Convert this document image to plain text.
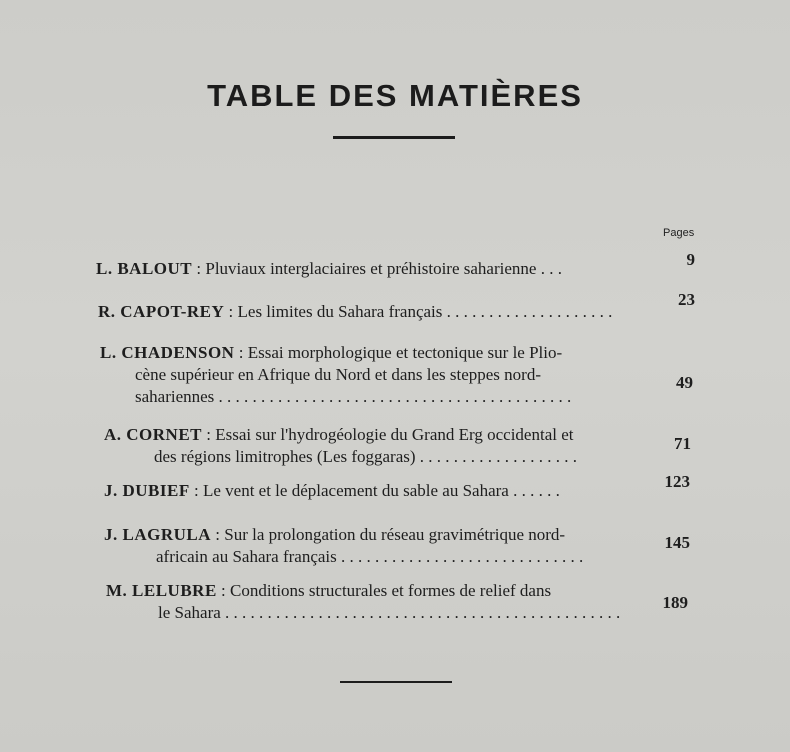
TABLE DES MATIÈRES
Pages
L. BALOUT : Pluviaux interglaciaires et préhistoire saharienne . . .	9
R. CAPOT-REY : Les limites du Sahara français . . . . . . . . . . . . . . . . . . . .
23
L. CHADENSON : Essai morphologique et tectonique sur le Plio-
cène supérieur en Afrique du Nord et dans les steppes nord-
sahariennes . . . . . . . . . . . . . . . . . . . . . . . . . . . . . . . . . . . . . . . . . .
49
A. CORNET : Essai sur l'hydrogéologie du Grand Erg occidental et
des régions limitrophes (Les foggaras) . . . . . . . . . . . . . . . . . . .
71
J. DUBIEF : Le vent et le déplacement du sable au Sahara . . . . . .	123
J. LAGRULA : Sur la prolongation du réseau gravimétrique nord-
africain au Sahara français . . . . . . . . . . . . . . . . . . . . . . . . . . . . .
145
M. LELUBRE : Conditions structurales et formes de relief dans
le Sahara . . . . . . . . . . . . . . . . . . . . . . . . . . . . . . . . . . . . . . . . . . . . . . .
189
